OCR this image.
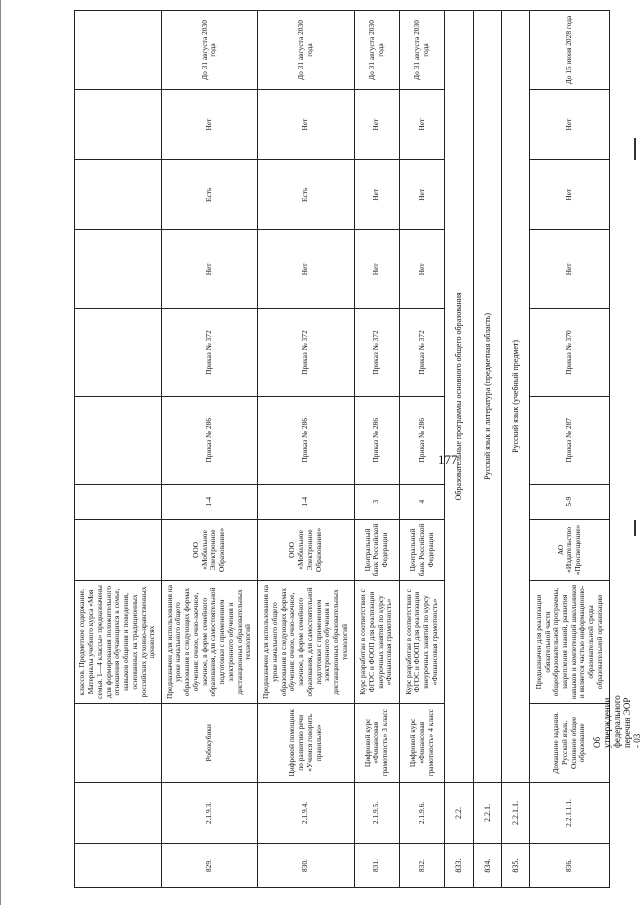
177
			классов. Предметное содержание. Материалы учебного курса «Моя семья. 1—4 классы» предназначены для формирования положительного отношения обучающихся к семье, навыков общения и поведения, основанных на традиционных российских духовно-нравственных ценностях								
829.	2.1.9.3.	Робокубики	Предназначен для использования на уроке начального общего образования в следующих формах обучения: очное, очно-заочное, заочное, в форме семейного образования, для самостоятельной подготовки с применением электронного обучения и дистанционных образовательных технологий	ООО «Мобильное Электронное Образование»	1-4	Приказ № 286	Приказ № 372	Нет	Есть	Нет	До 31 августа 2030 года
830.	2.1.9.4.	Цифровой помощник по развитию речи «Учимся говорить правильно»	Предназначен для использования на уроке начального общего образования в следующих формах обучения: очное, очно-заочное, заочное, в форме семейного образования, для самостоятельной подготовки с применением электронного обучения и дистанционных образовательных технологий	ООО «Мобильное Электронное Образование»	1-4	Приказ № 286	Приказ № 372	Нет	Есть	Нет	До 31 августа 2030 года
831.	2.1.9.5.	Цифровой курс «Финансовая грамотность» 3 класс	Курс разработан в соответствии с ФГОС и ФООП для реализации внеурочных занятий по курсу «Финансовая грамотность»	Центральный банк Российской Федерации	3	Приказ № 286	Приказ № 372	Нет	Нет	Нет	До 31 августа 2030 года
832.	2.1.9.6.	Цифровой курс «Финансовая грамотность» 4 класс	Курс разработан в соответствии с ФГОС и ФООП для реализации внеурочных занятий по курсу «Финансовая грамотность»	Центральный банк Российской Федерации	4	Приказ № 286	Приказ № 372	Нет	Нет	Нет	До 31 августа 2030 года
833.	2.2.	Образовательные программы основного общего образования									
834.	2.2.1.	Русский язык и литература (предметная область)									
835.	2.2.1.1.	Русский язык (учебный предмет)									
836.	2.2.1.1.1.	Домашние задания. Русский язык. Основное общее образование	Предназначен для реализации обязательной части общеобразовательной программы, закрепления знаний, развития навыков и компетенций школьников и является частью информационно-образовательной среды образовательной организации	АО «Издательство «Просвещение»	5-9	Приказ № 287	Приказ № 370	Нет	Нет	Нет	До 15 июня 2028 года
Об утверждении федерального перечня ЭОР - 03
